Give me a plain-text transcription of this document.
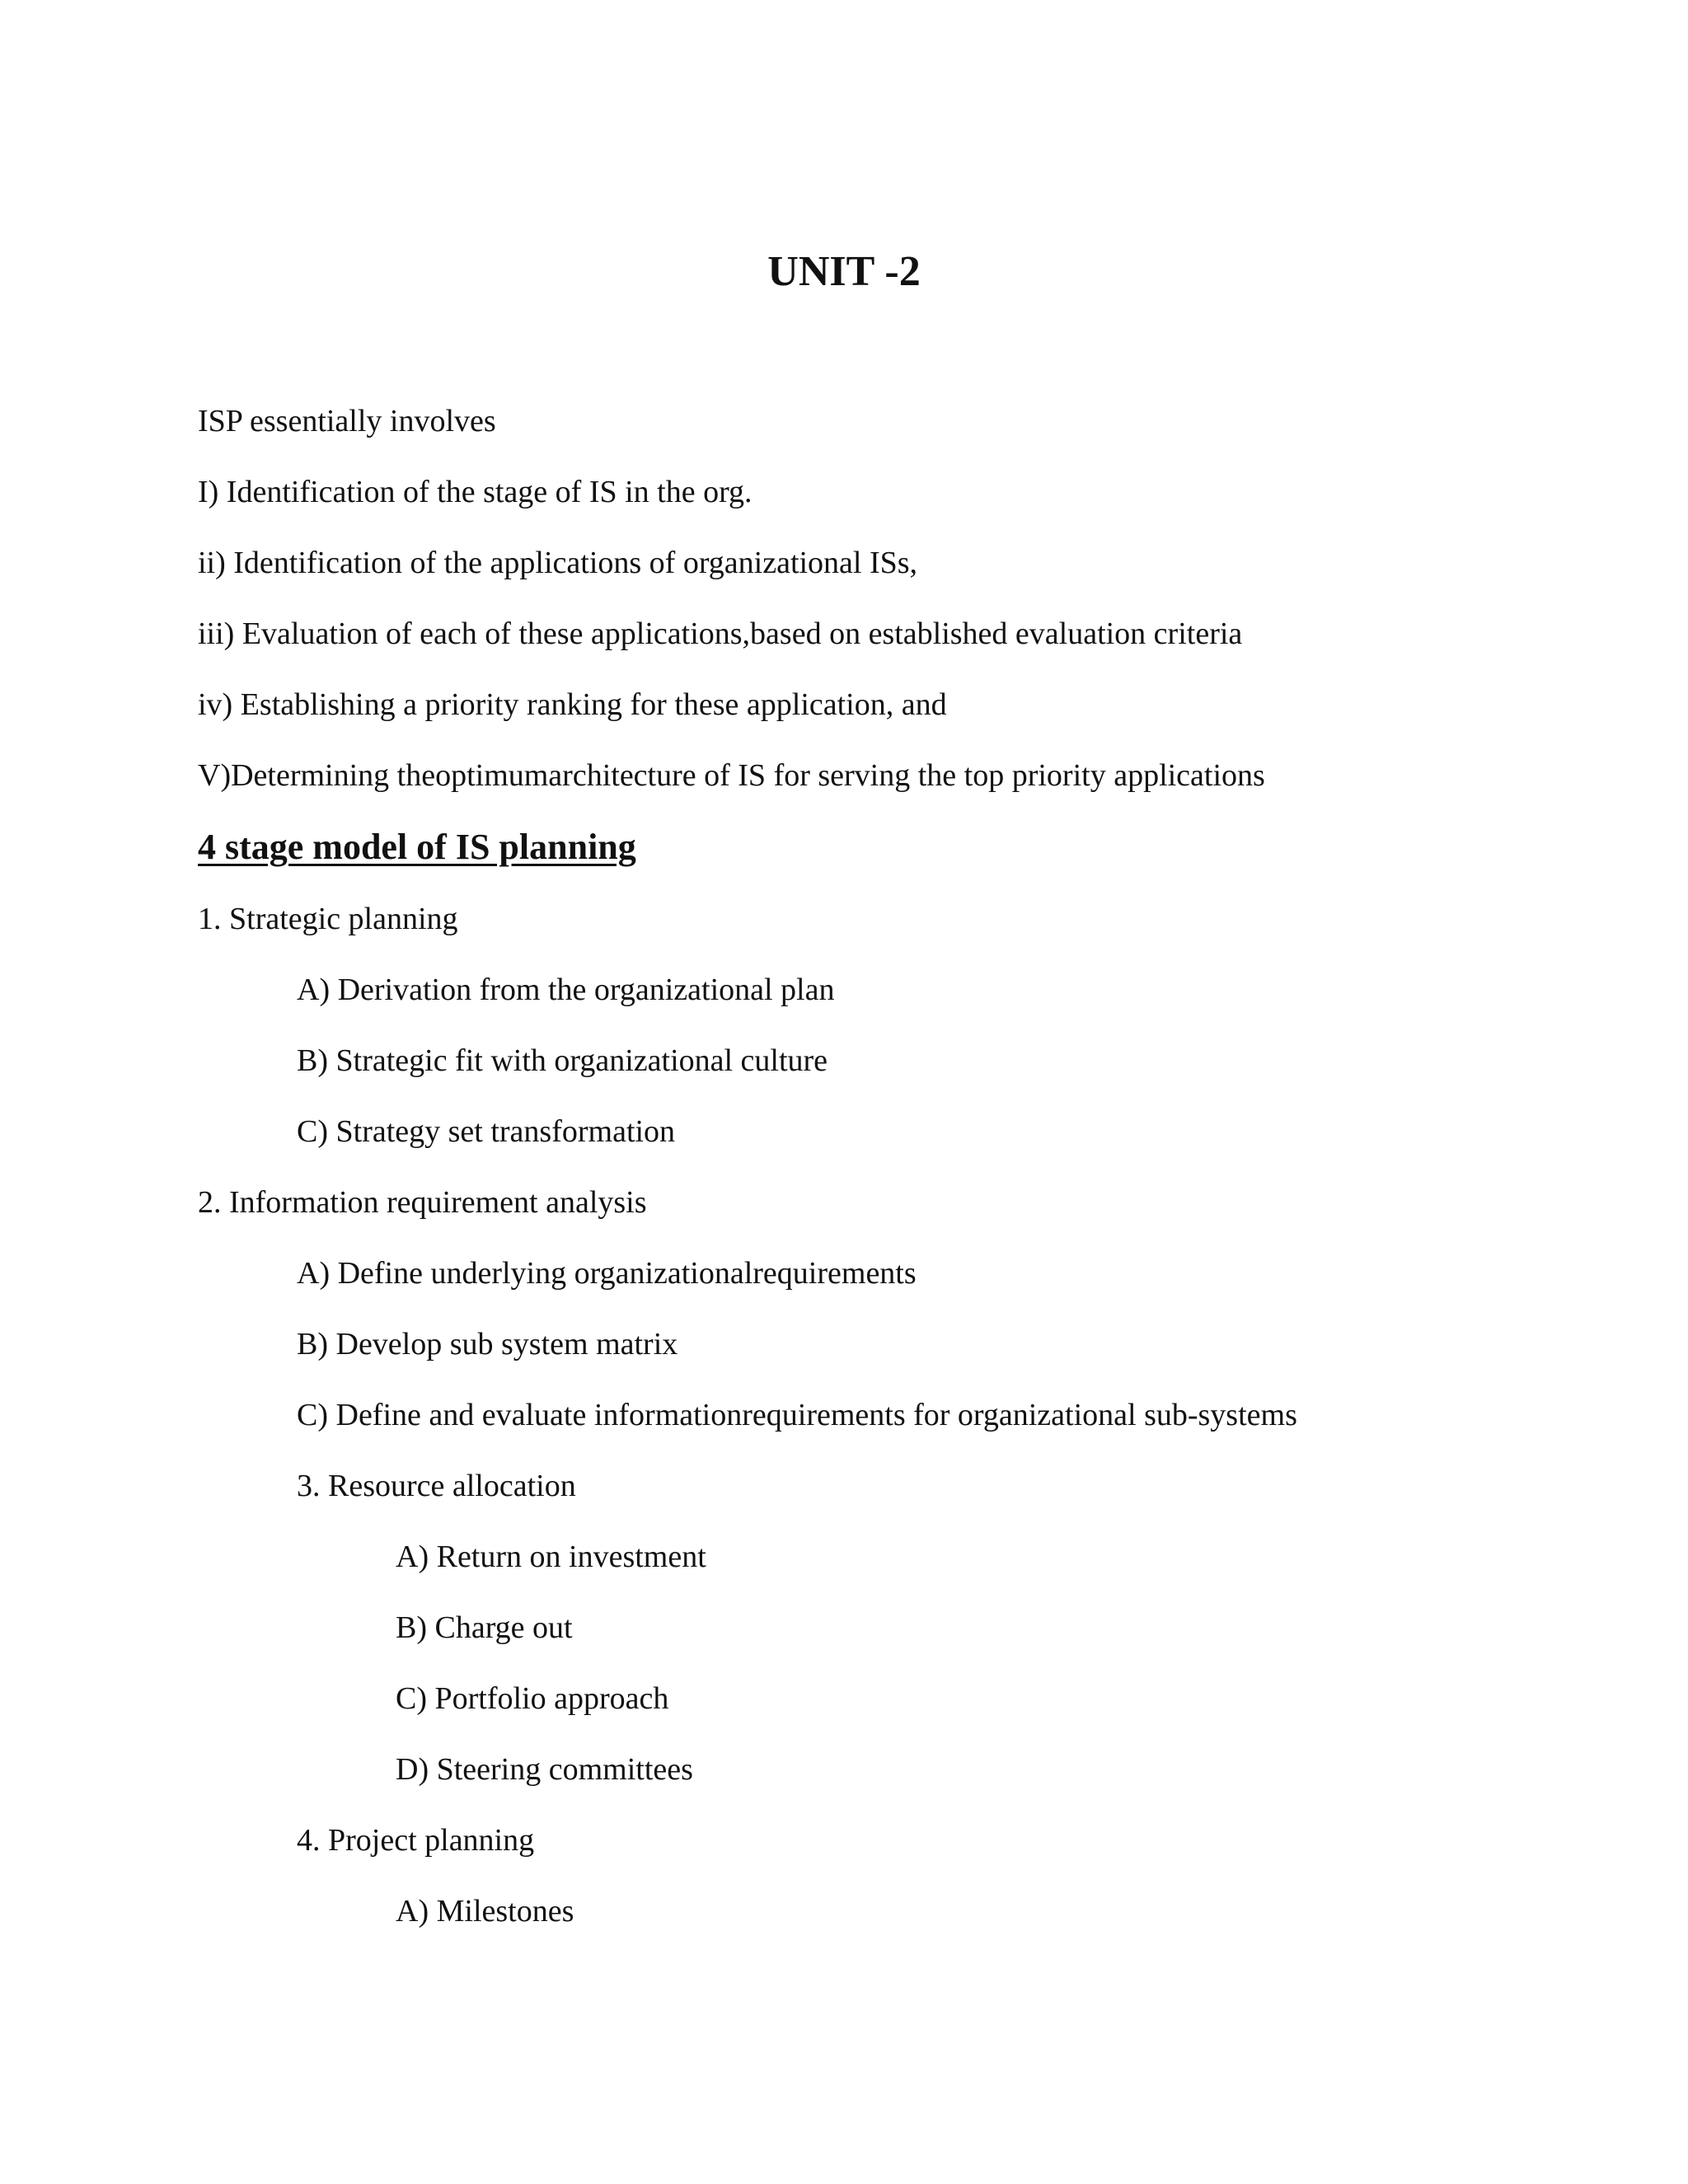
UNIT -2

ISP essentially involves

I) Identification of the stage of IS in the org.

ii) Identification of the applications of organizational ISs,

iii) Evaluation of each of these applications,based on established evaluation criteria

iv) Establishing a priority ranking for these application, and

V)Determining theoptimumarchitecture of IS for serving the top priority applications

4 stage model of IS planning

1. Strategic planning

A) Derivation from the organizational plan

B) Strategic fit with organizational culture

C) Strategy set transformation

2. Information requirement analysis

A) Define underlying organizationalrequirements

B) Develop sub system matrix

C) Define and evaluate informationrequirements for organizational sub-systems

3. Resource allocation

A) Return on investment

B) Charge out

C) Portfolio approach

D) Steering committees

4. Project planning

A) Milestones
